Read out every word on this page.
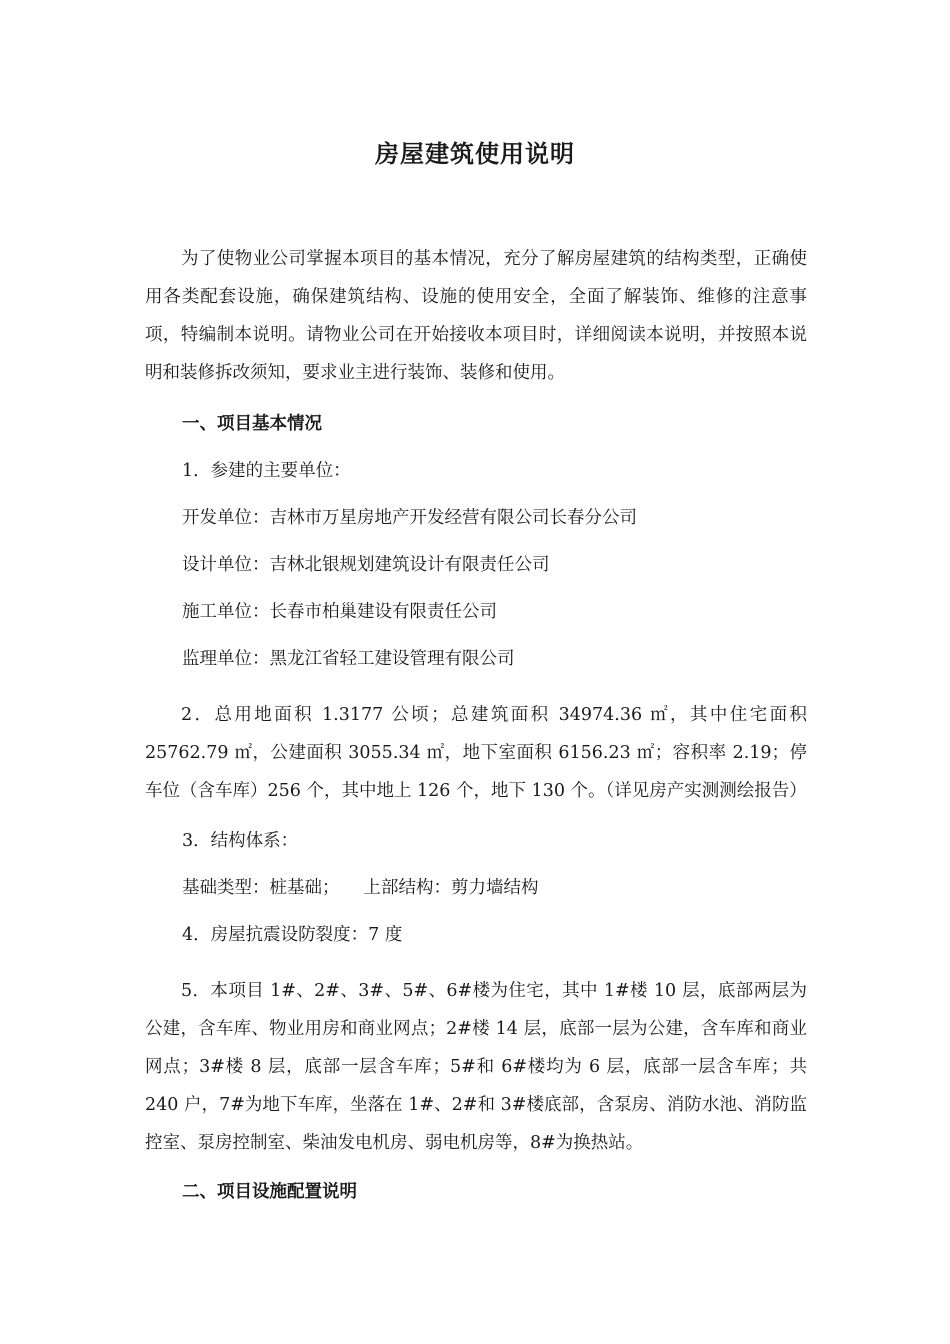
房屋建筑使用说明
为了使物业公司掌握本项目的基本情况，充分了解房屋建筑的结构类型，正确使用各类配套设施，确保建筑结构、设施的使用安全，全面了解装饰、维修的注意事项，特编制本说明。请物业公司在开始接收本项目时，详细阅读本说明，并按照本说明和装修拆改须知，要求业主进行装饰、装修和使用。
一、项目基本情况
1．参建的主要单位：
开发单位：吉林市万星房地产开发经营有限公司长春分公司
设计单位：吉林北银规划建筑设计有限责任公司
施工单位：长春市柏巢建设有限责任公司
监理单位：黑龙江省轻工建设管理有限公司
2．总用地面积 1.3177 公顷；总建筑面积 34974.36 ㎡，其中住宅面积 25762.79 ㎡，公建面积 3055.34 ㎡，地下室面积 6156.23 ㎡；容积率 2.19；停车位（含车库）256 个，其中地上 126 个，地下 130 个。（详见房产实测测绘报告）
3．结构体系：
基础类型：桩基础； 上部结构：剪力墙结构
4．房屋抗震设防裂度：7 度
5．本项目 1#、2#、3#、5#、6#楼为住宅，其中 1#楼 10 层，底部两层为公建，含车库、物业用房和商业网点；2#楼 14 层，底部一层为公建，含车库和商业网点；3#楼 8 层，底部一层含车库；5#和 6#楼均为 6 层，底部一层含车库；共 240 户，7#为地下车库，坐落在 1#、2#和 3#楼底部，含泵房、消防水池、消防监控室、泵房控制室、柴油发电机房、弱电机房等，8#为换热站。
二、项目设施配置说明
